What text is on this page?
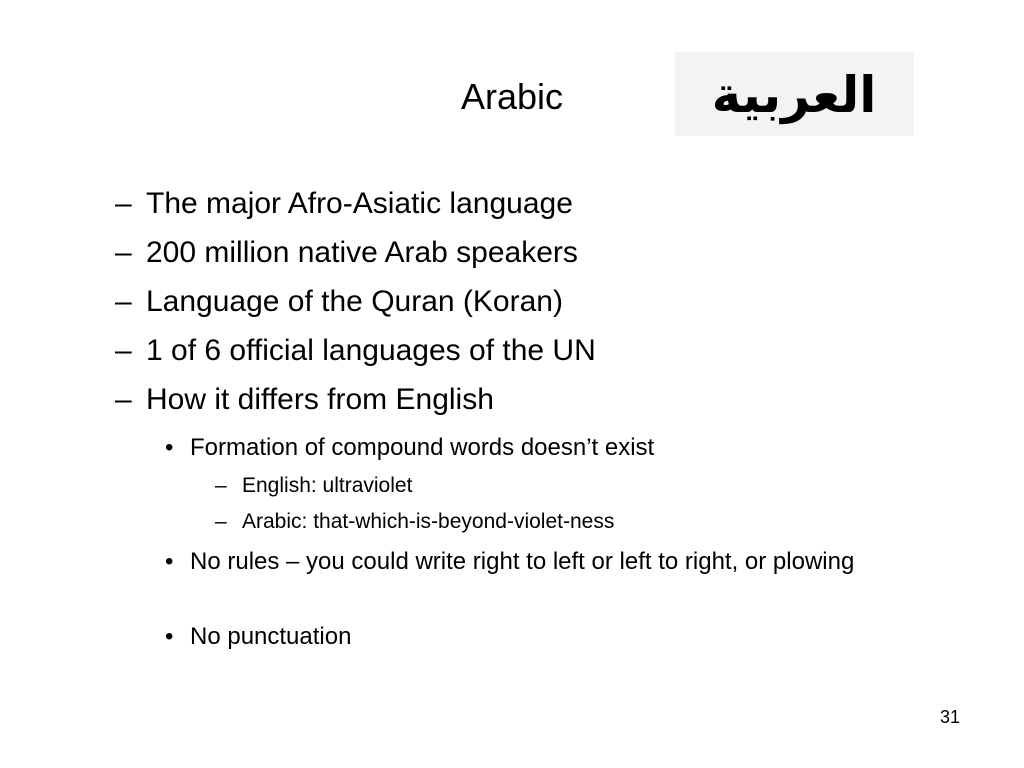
Arabic	العربية
– The major Afro-Asiatic language
– 200 million native Arab speakers
– Language of the Quran (Koran)
– 1 of 6 official languages of the UN
– How it differs from English
• Formation of compound words doesn’t exist
– English: ultraviolet
– Arabic: that-which-is-beyond-violet-ness
• No rules – you could write right to left or left to right, or plowing
• No punctuation
31
